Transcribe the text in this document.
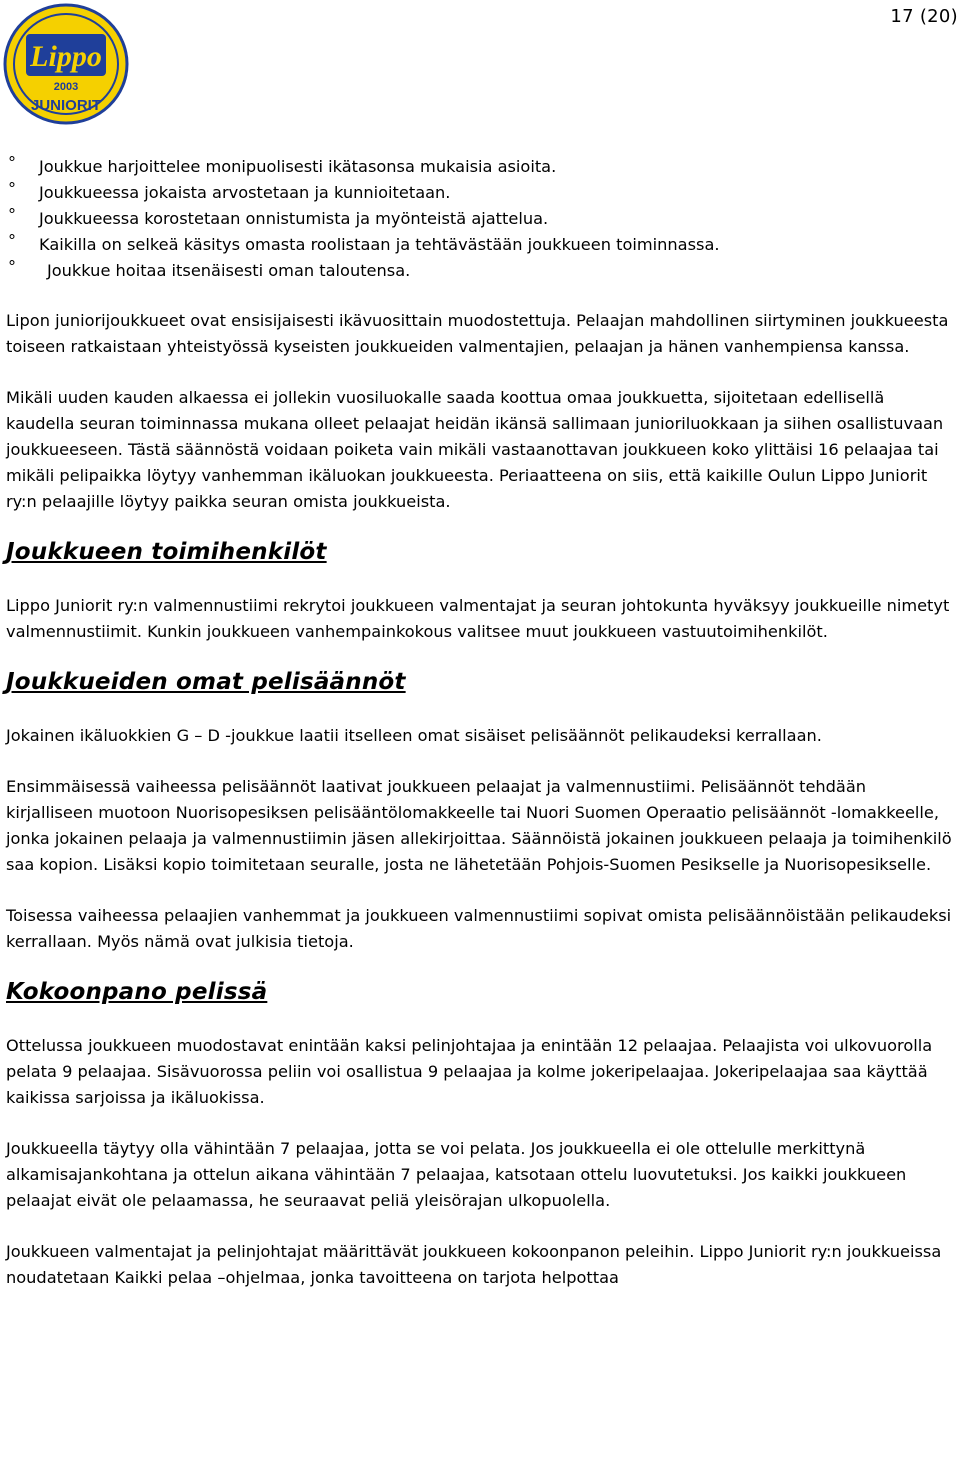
17 (20)
Lippo
2003
JUNIORIT
° Joukkue harjoittelee monipuolisesti ikätasonsa mukaisia asioita.
° Joukkueessa jokaista arvostetaan ja kunnioitetaan.
° Joukkueessa korostetaan onnistumista ja myönteistä ajattelua.
° Kaikilla on selkeä käsitys omasta roolistaan ja tehtävästään joukkueen toiminnassa.
° Joukkue hoitaa itsenäisesti oman taloutensa.

Lipon juniorijoukkueet ovat ensisijaisesti ikävuosittain muodostettuja. Pelaajan mahdollinen siirtyminen joukkueesta toiseen ratkaistaan yhteistyössä kyseisten joukkueiden valmentajien, pelaajan ja hänen vanhempiensa kanssa.

Mikäli uuden kauden alkaessa ei jollekin vuosiluokalle saada koottua omaa joukkuetta, sijoitetaan edellisellä kaudella seuran toiminnassa mukana olleet pelaajat heidän ikänsä sallimaan junioriluokkaan ja siihen osallistuvaan joukkueeseen. Tästä säännöstä voidaan poiketa vain mikäli vastaanottavan joukkueen koko ylittäisi 16 pelaajaa tai mikäli pelipaikka löytyy vanhemman ikäluokan joukkueesta. Periaatteena on siis, että kaikille Oulun Lippo Juniorit ry:n pelaajille löytyy paikka seuran omista joukkueista.

Joukkueen toimihenkilöt

Lippo Juniorit ry:n valmennustiimi rekrytoi joukkueen valmentajat ja seuran johtokunta hyväksyy joukkueille nimetyt valmennustiimit. Kunkin joukkueen vanhempainkokous valitsee muut joukkueen vastuutoimihenkilöt.

Joukkueiden omat pelisäännöt

Jokainen ikäluokkien G – D -joukkue laatii itselleen omat sisäiset pelisäännöt pelikaudeksi kerrallaan.

Ensimmäisessä vaiheessa pelisäännöt laativat joukkueen pelaajat ja valmennustiimi. Pelisäännöt tehdään kirjalliseen muotoon Nuorisopesiksen pelisääntölomakkeelle tai Nuori Suomen Operaatio pelisäännöt -lomakkeelle, jonka jokainen pelaaja ja valmennustiimin jäsen allekirjoittaa. Säännöistä jokainen joukkueen pelaaja ja toimihenkilö saa kopion. Lisäksi kopio toimitetaan seuralle, josta ne lähetetään Pohjois-Suomen Pesikselle ja Nuorisopesikselle.

Toisessa vaiheessa pelaajien vanhemmat ja joukkueen valmennustiimi sopivat omista pelisäännöistään pelikaudeksi kerrallaan. Myös nämä ovat julkisia tietoja.

Kokoonpano pelissä

Ottelussa joukkueen muodostavat enintään kaksi pelinjohtajaa ja enintään 12 pelaajaa. Pelaajista voi ulkovuorolla pelata 9 pelaajaa. Sisävuorossa peliin voi osallistua 9 pelaajaa ja kolme jokeripelaajaa. Jokeripelaajaa saa käyttää kaikissa sarjoissa ja ikäluokissa.

Joukkueella täytyy olla vähintään 7 pelaajaa, jotta se voi pelata. Jos joukkueella ei ole ottelulle merkittynä alkamisajankohtana ja ottelun aikana vähintään 7 pelaajaa, katsotaan ottelu luovutetuksi. Jos kaikki joukkueen pelaajat eivät ole pelaamassa, he seuraavat peliä yleisörajan ulkopuolella.

Joukkueen valmentajat ja pelinjohtajat määrittävät joukkueen kokoonpanon peleihin. Lippo Juniorit ry:n joukkueissa noudatetaan Kaikki pelaa –ohjelmaa, jonka tavoitteena on tarjota helpottaa
